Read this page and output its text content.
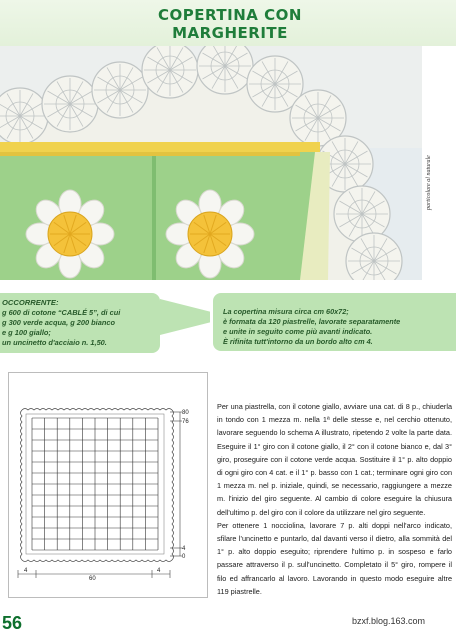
COPERTINA CON MARGHERITE
particolare al naturale
OCCORRENTE:
g 600 di cotone “CABLÉ 5”, di cui
g 300 verde acqua, g 200 bianco
e g 100 giallo;
un uncinetto d'acciaio n. 1,50.
La copertina misura circa cm 60x72;
è formata da 120 piastrelle, lavorate separatamente
e unite in seguito come più avanti indicato.
È rifinita tutt'intorno da un bordo alto cm 4.
80
76
4
0
4
60
4

Per una piastrella, con il cotone giallo, avviare una cat. di 8 p., chiuderla in tondo con 1 mezza m. nella 1ª delle stesse e, nel cerchio ottenuto, lavorare seguendo lo schema A illustrato, ripetendo 2 volte la parte data. Eseguire il 1° giro con il cotone giallo, il 2° con il cotone bianco e, dal 3° giro, proseguire con il cotone verde acqua. Sostituire il 1° p. alto doppio di ogni giro con 4 cat. e il 1° p. basso con 1 cat.; terminare ogni giro con 1 mezza m. nel p. iniziale, quindi, se necessario, raggiungere a mezze m. l'inizio del giro seguente. Al cambio di colore eseguire la chiusura dell'ultimo p. del giro con il colore da utilizzare nel giro seguente.

Per ottenere 1 nocciolina, lavorare 7 p. alti doppi nell'arco indicato, sfilare l'uncinetto e puntarlo, dal davanti verso il dietro, alla sommità del 1° p. alto doppio eseguito; riprendere l'ultimo p. in sospeso e farlo passare attraverso il p. sull'uncinetto. Completato il 5° giro, rompere il filo ed affrancarlo al lavoro. Lavorando in questo modo eseguire altre 119 piastrelle.

56	bzxf.blog.163.com
